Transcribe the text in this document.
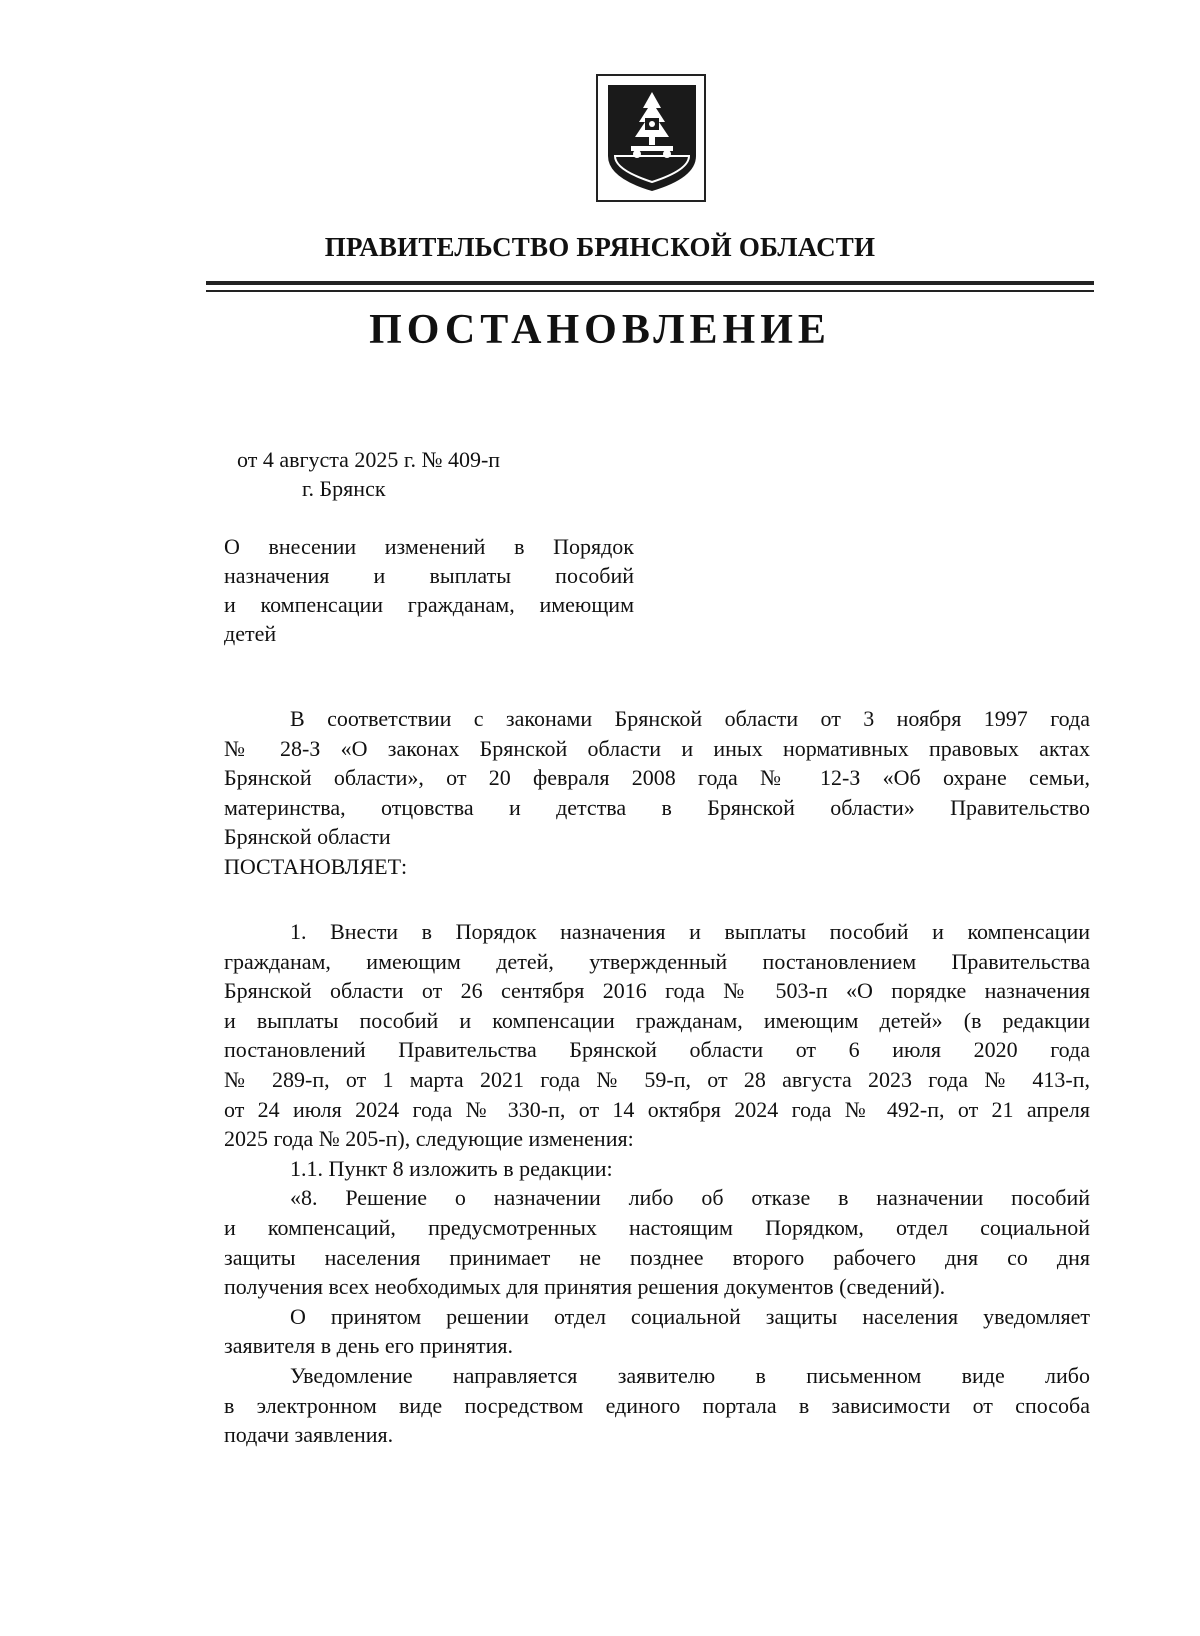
ПРАВИТЕЛЬСТВО БРЯНСКОЙ ОБЛАСТИ
ПОСТАНОВЛЕНИЕ
от 4 августа 2025 г. № 409-п
г. Брянск
О внесении изменений в Порядок
назначения и выплаты пособий
и компенсации гражданам, имеющим
детей
В соответствии с законами Брянской области от 3 ноября 1997 года
№ 28-З «О законах Брянской области и иных нормативных правовых актах
Брянской области», от 20 февраля 2008 года № 12-З «Об охране семьи,
материнства, отцовства и детства в Брянской области» Правительство
Брянской области
ПОСТАНОВЛЯЕТ:
1. Внести в Порядок назначения и выплаты пособий и компенсации
гражданам, имеющим детей, утвержденный постановлением Правительства
Брянской области от 26 сентября 2016 года № 503-п «О порядке назначения
и выплаты пособий и компенсации гражданам, имеющим детей» (в редакции
постановлений Правительства Брянской области от 6 июля 2020 года
№ 289-п, от 1 марта 2021 года № 59-п, от 28 августа 2023 года № 413-п,
от 24 июля 2024 года № 330-п, от 14 октября 2024 года № 492-п, от 21 апреля
2025 года № 205-п), следующие изменения:
1.1. Пункт 8 изложить в редакции:
«8. Решение о назначении либо об отказе в назначении пособий
и компенсаций, предусмотренных настоящим Порядком, отдел социальной
защиты населения принимает не позднее второго рабочего дня со дня
получения всех необходимых для принятия решения документов (сведений).
О принятом решении отдел социальной защиты населения уведомляет
заявителя в день его принятия.
Уведомление направляется заявителю в письменном виде либо
в электронном виде посредством единого портала в зависимости от способа
подачи заявления.
